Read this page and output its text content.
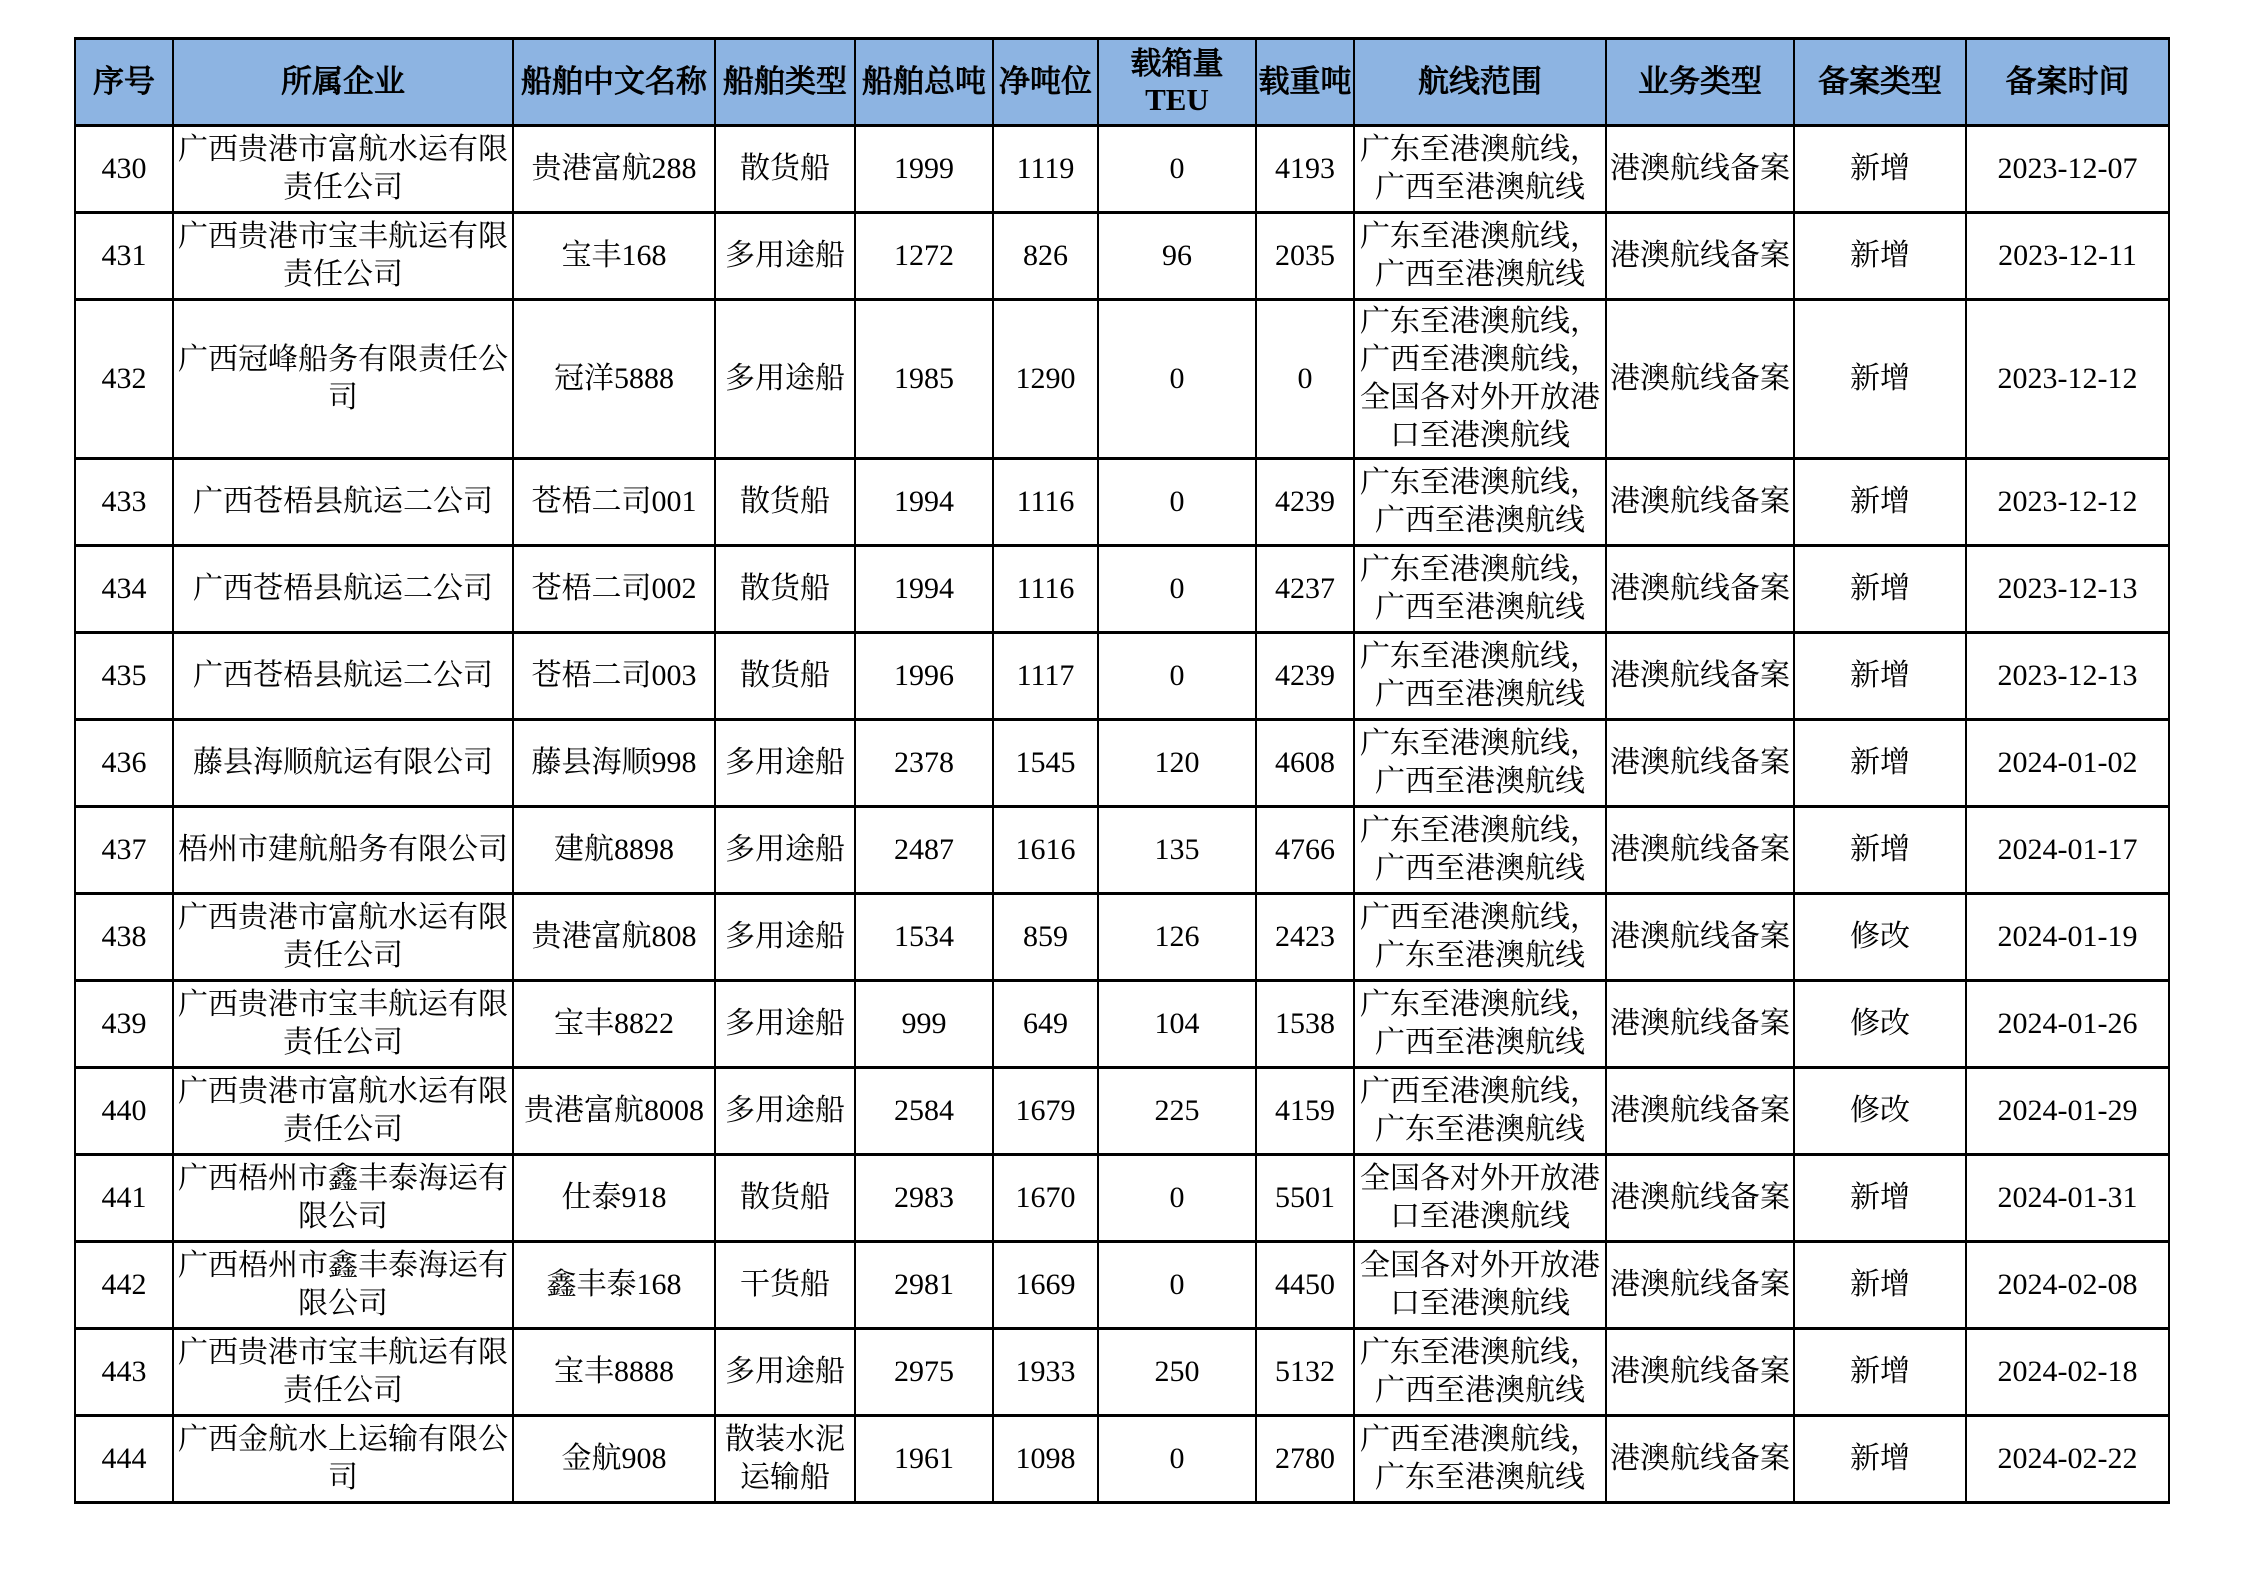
序号	所属企业	船舶中文名称	船舶类型	船舶总吨	净吨位	载箱量TEU	载重吨	航线范围	业务类型	备案类型	备案时间
430	广西贵港市富航水运有限责任公司	贵港富航288	散货船	1999	1119	0	4193	广东至港澳航线，广西至港澳航线	港澳航线备案	新增	2023-12-07
431	广西贵港市宝丰航运有限责任公司	宝丰168	多用途船	1272	826	96	2035	广东至港澳航线，广西至港澳航线	港澳航线备案	新增	2023-12-11
432	广西冠峰船务有限责任公司	冠洋5888	多用途船	1985	1290	0	0	广东至港澳航线，广西至港澳航线，全国各对外开放港口至港澳航线	港澳航线备案	新增	2023-12-12
433	广西苍梧县航运二公司	苍梧二司001	散货船	1994	1116	0	4239	广东至港澳航线，广西至港澳航线	港澳航线备案	新增	2023-12-12
434	广西苍梧县航运二公司	苍梧二司002	散货船	1994	1116	0	4237	广东至港澳航线，广西至港澳航线	港澳航线备案	新增	2023-12-13
435	广西苍梧县航运二公司	苍梧二司003	散货船	1996	1117	0	4239	广东至港澳航线，广西至港澳航线	港澳航线备案	新增	2023-12-13
436	藤县海顺航运有限公司	藤县海顺998	多用途船	2378	1545	120	4608	广东至港澳航线，广西至港澳航线	港澳航线备案	新增	2024-01-02
437	梧州市建航船务有限公司	建航8898	多用途船	2487	1616	135	4766	广东至港澳航线，广西至港澳航线	港澳航线备案	新增	2024-01-17
438	广西贵港市富航水运有限责任公司	贵港富航808	多用途船	1534	859	126	2423	广西至港澳航线，广东至港澳航线	港澳航线备案	修改	2024-01-19
439	广西贵港市宝丰航运有限责任公司	宝丰8822	多用途船	999	649	104	1538	广东至港澳航线，广西至港澳航线	港澳航线备案	修改	2024-01-26
440	广西贵港市富航水运有限责任公司	贵港富航8008	多用途船	2584	1679	225	4159	广西至港澳航线，广东至港澳航线	港澳航线备案	修改	2024-01-29
441	广西梧州市鑫丰泰海运有限公司	仕泰918	散货船	2983	1670	0	5501	全国各对外开放港口至港澳航线	港澳航线备案	新增	2024-01-31
442	广西梧州市鑫丰泰海运有限公司	鑫丰泰168	干货船	2981	1669	0	4450	全国各对外开放港口至港澳航线	港澳航线备案	新增	2024-02-08
443	广西贵港市宝丰航运有限责任公司	宝丰8888	多用途船	2975	1933	250	5132	广东至港澳航线，广西至港澳航线	港澳航线备案	新增	2024-02-18
444	广西金航水上运输有限公司	金航908	散装水泥运输船	1961	1098	0	2780	广西至港澳航线，广东至港澳航线	港澳航线备案	新增	2024-02-22
